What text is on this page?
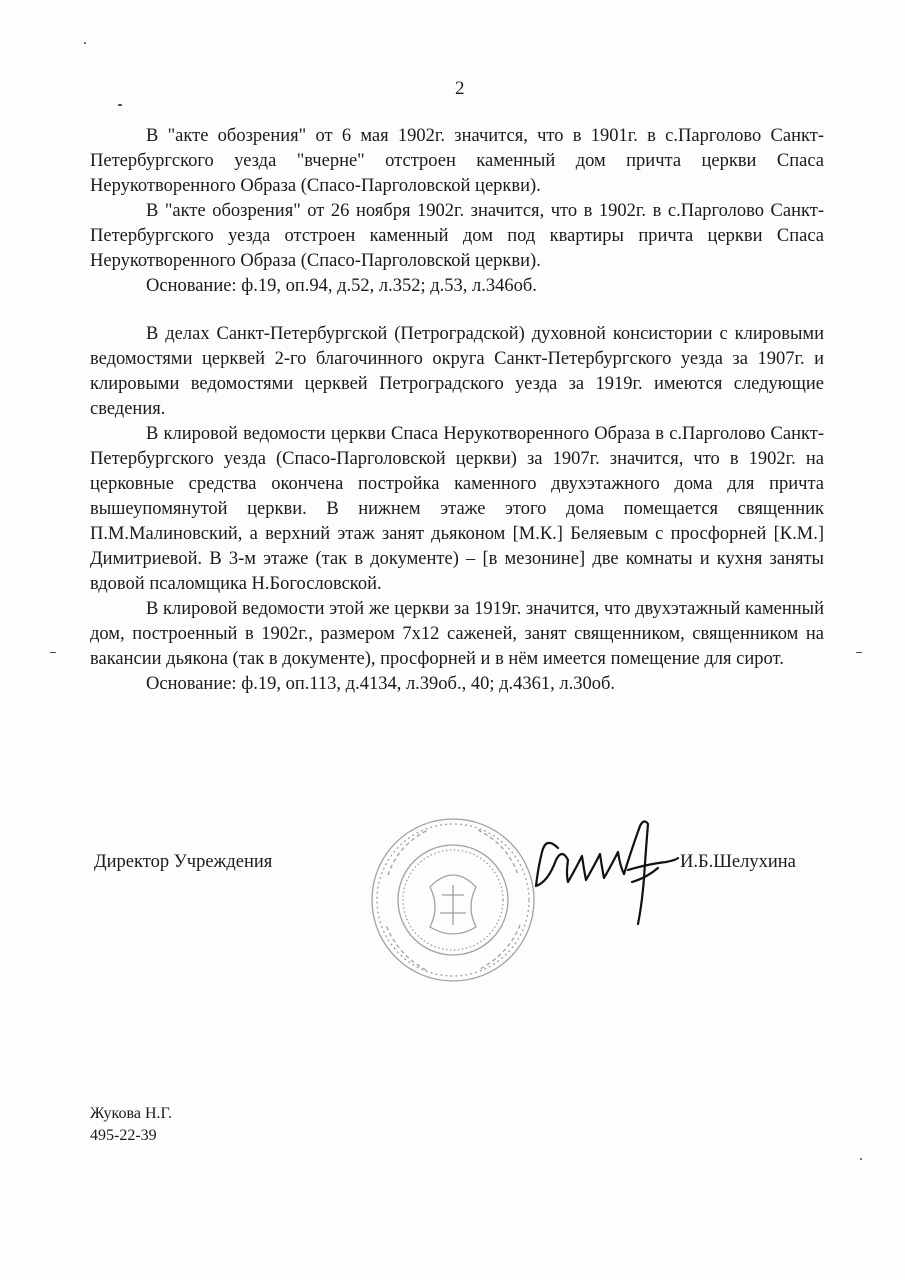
2

В "акте обозрения" от 6 мая 1902г. значится, что в 1901г. в с.Парголово Санкт-Петербургского уезда "вчерне" отстроен каменный дом причта церкви Спаса Нерукотворенного Образа (Спасо-Парголовской церкви).

В "акте обозрения" от 26 ноября 1902г. значится, что в 1902г. в с.Парголово Санкт-Петербургского уезда отстроен каменный дом под квартиры причта церкви Спаса Нерукотворенного Образа (Спасо-Парголовской церкви).

Основание: ф.19, оп.94, д.52, л.352; д.53, л.346об.

В делах Санкт-Петербургской (Петроградской) духовной консистории с клировыми ведомостями церквей 2-го благочинного округа Санкт-Петербургского уезда за 1907г. и клировыми ведомостями церквей Петроградского уезда за 1919г. имеются следующие сведения.

В клировой ведомости церкви Спаса Нерукотворенного Образа в с.Парголово Санкт-Петербургского уезда (Спасо-Парголовской церкви) за 1907г. значится, что в 1902г. на церковные средства окончена постройка каменного двухэтажного дома для причта вышеупомянутой церкви. В нижнем этаже этого дома помещается священник П.М.Малиновский, а верхний этаж занят дьяконом [М.К.] Беляевым с просфорней [К.М.] Димитриевой. В 3-м этаже (так в документе) – [в мезонине] две комнаты и кухня заняты вдовой псаломщика Н.Богословской.

В клировой ведомости этой же церкви за 1919г. значится, что двухэтажный каменный дом, построенный в 1902г., размером 7х12 саженей, занят священником, священником на вакансии дьякона (так в документе), просфорней и в нём имеется помещение для сирот.

Основание: ф.19, оп.113, д.4134, л.39об., 40; д.4361, л.30об.

Директор Учреждения	И.Б.Шелухина
Жукова Н.Г.
495-22-39
